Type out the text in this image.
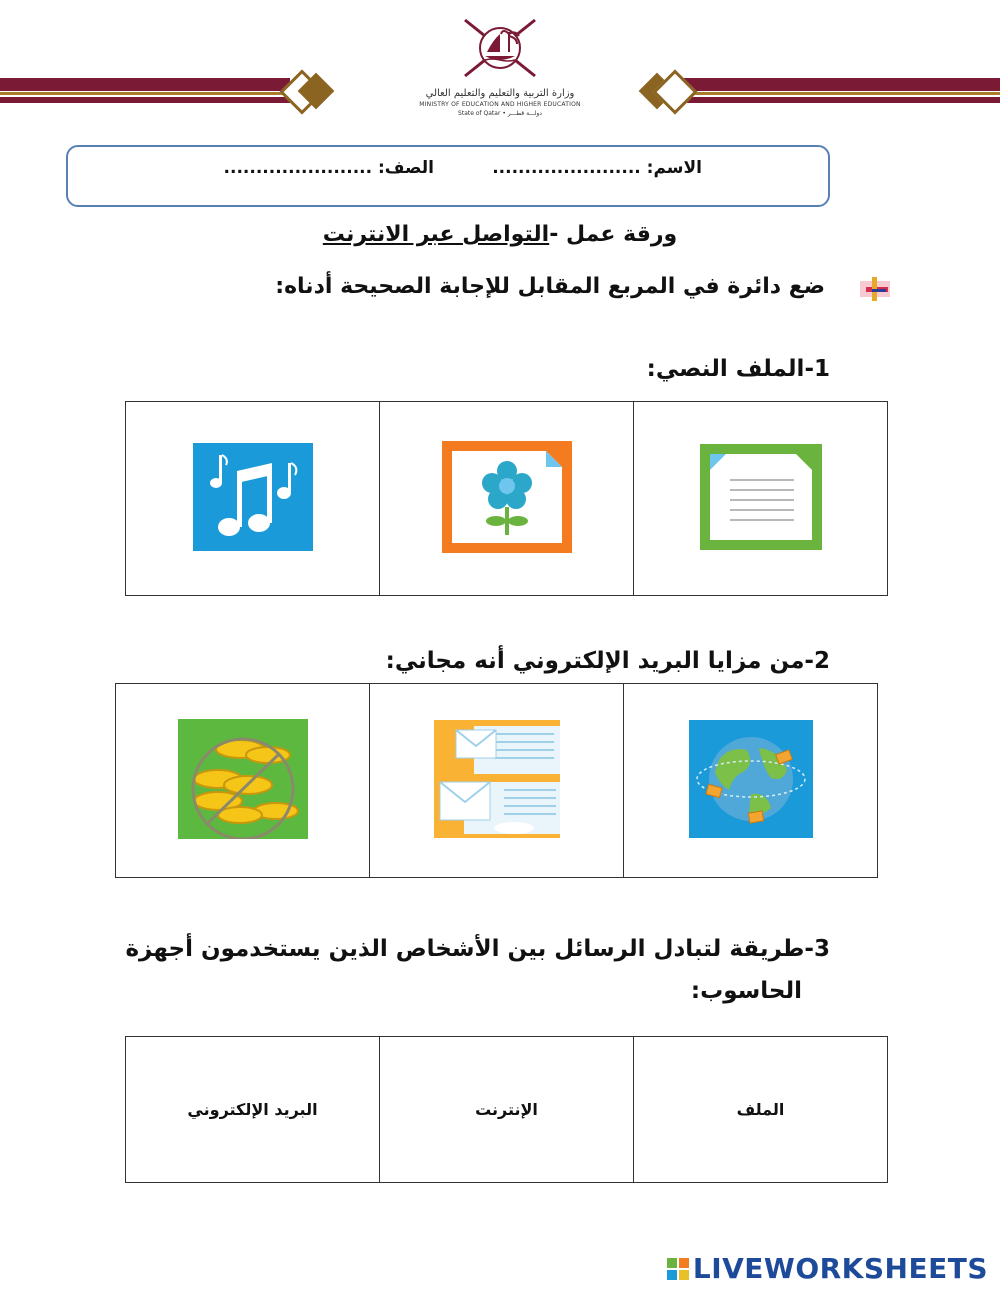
وزارة التربية والتعليم والتعليم العالي
MINISTRY OF EDUCATION AND HIGHER EDUCATION
State of Qatar • دولـــة قطـــر
الاسم: .......................
الصف: .......................
ورقة عمل -التواصل عبر الانترنت
ضع دائرة في المربع المقابل للإجابة الصحيحة أدناه:
1-الملف النصي:

2-من مزايا البريد الإلكتروني أنه مجاني:

3-طريقة لتبادل الرسائل بين الأشخاص الذين يستخدمون أجهزة
الحاسوب:
البريد الإلكتروني	الإنترنت	الملف
LIVEWORKSHEETS
